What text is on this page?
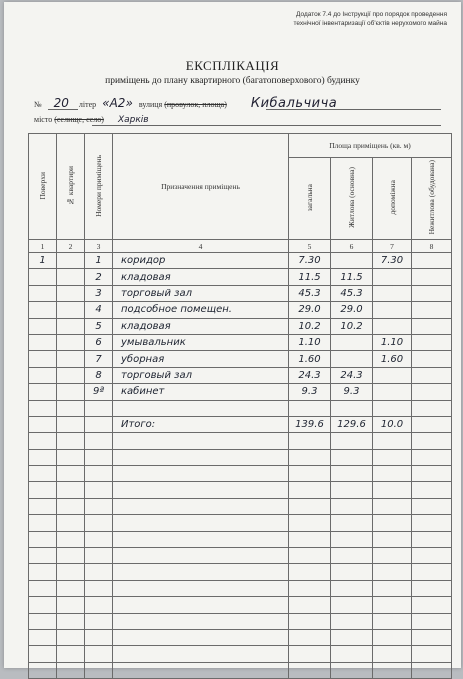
Додаток 7.4 до Інструкції про порядок проведення
технічної інвентаризації об'єктів нерухомого майна
ЕКСПЛІКАЦІЯ
приміщень до плану квартирного (багатоповерхового) будинку
№ 20 літер «А2» вулиця (провулок, площа) Кибальчича
місто (селище, село) Харків
Поверхи	№ квартири	Номери приміщень	Призначення приміщень	Площа приміщень (кв. м)			
				загальна	Житлова (основна)	допоміжна	Нежитлова (обудована)
1	2	3	4	5	6	7	8
1		1	коридор	7.30		7.30	
		2	кладовая	11.5	11.5		
		3	торговый зал	45.3	45.3		
		4	подсобное помещен.	29.0	29.0		
		5	кладовая	10.2	10.2		
		6	умывальник	1.10		1.10	
		7	уборная	1.60		1.60	
		8	торговый зал	24.3	24.3		
		9ª	кабинет	9.3	9.3		

			Итого:	139.6	129.6	10.0	
